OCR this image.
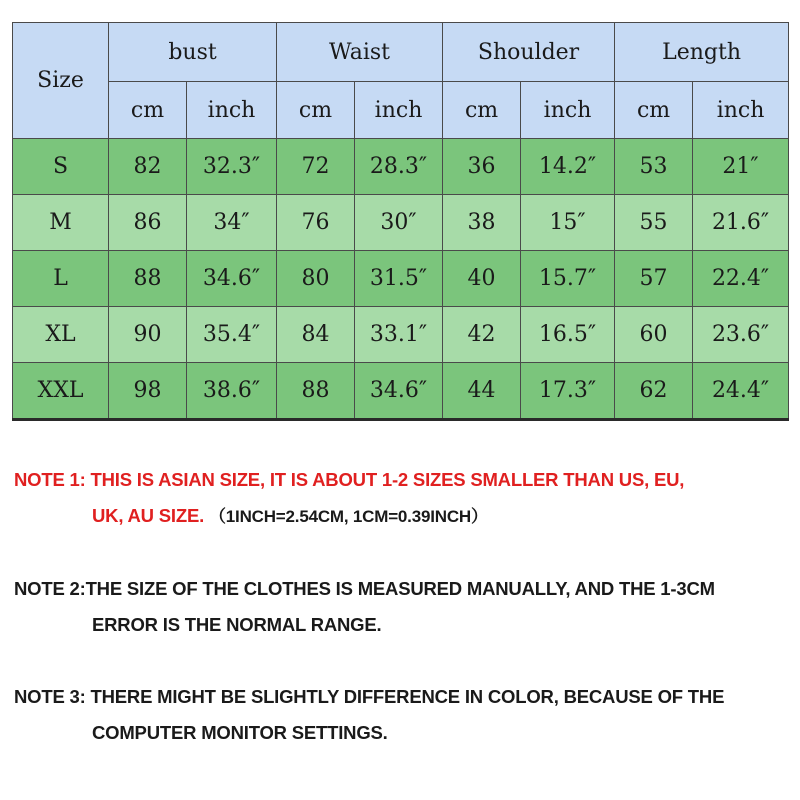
Size	bust		Waist		Shoulder		Length	
	cm	inch	cm	inch	cm	inch	cm	inch
S	82	32.3″	72	28.3″	36	14.2″	53	21″
M	86	34″	76	30″	38	15″	55	21.6″
L	88	34.6″	80	31.5″	40	15.7″	57	22.4″
XL	90	35.4″	84	33.1″	42	16.5″	60	23.6″
XXL	98	38.6″	88	34.6″	44	17.3″	62	24.4″
NOTE 1: THIS IS ASIAN SIZE, IT IS ABOUT 1-2 SIZES SMALLER THAN US, EU,
UK, AU SIZE. （1INCH=2.54CM, 1CM=0.39INCH）
NOTE 2:THE SIZE OF THE CLOTHES IS MEASURED MANUALLY, AND THE 1-3CM
ERROR IS THE NORMAL RANGE.
NOTE 3: THERE MIGHT BE SLIGHTLY DIFFERENCE IN COLOR, BECAUSE OF THE
COMPUTER MONITOR SETTINGS.
